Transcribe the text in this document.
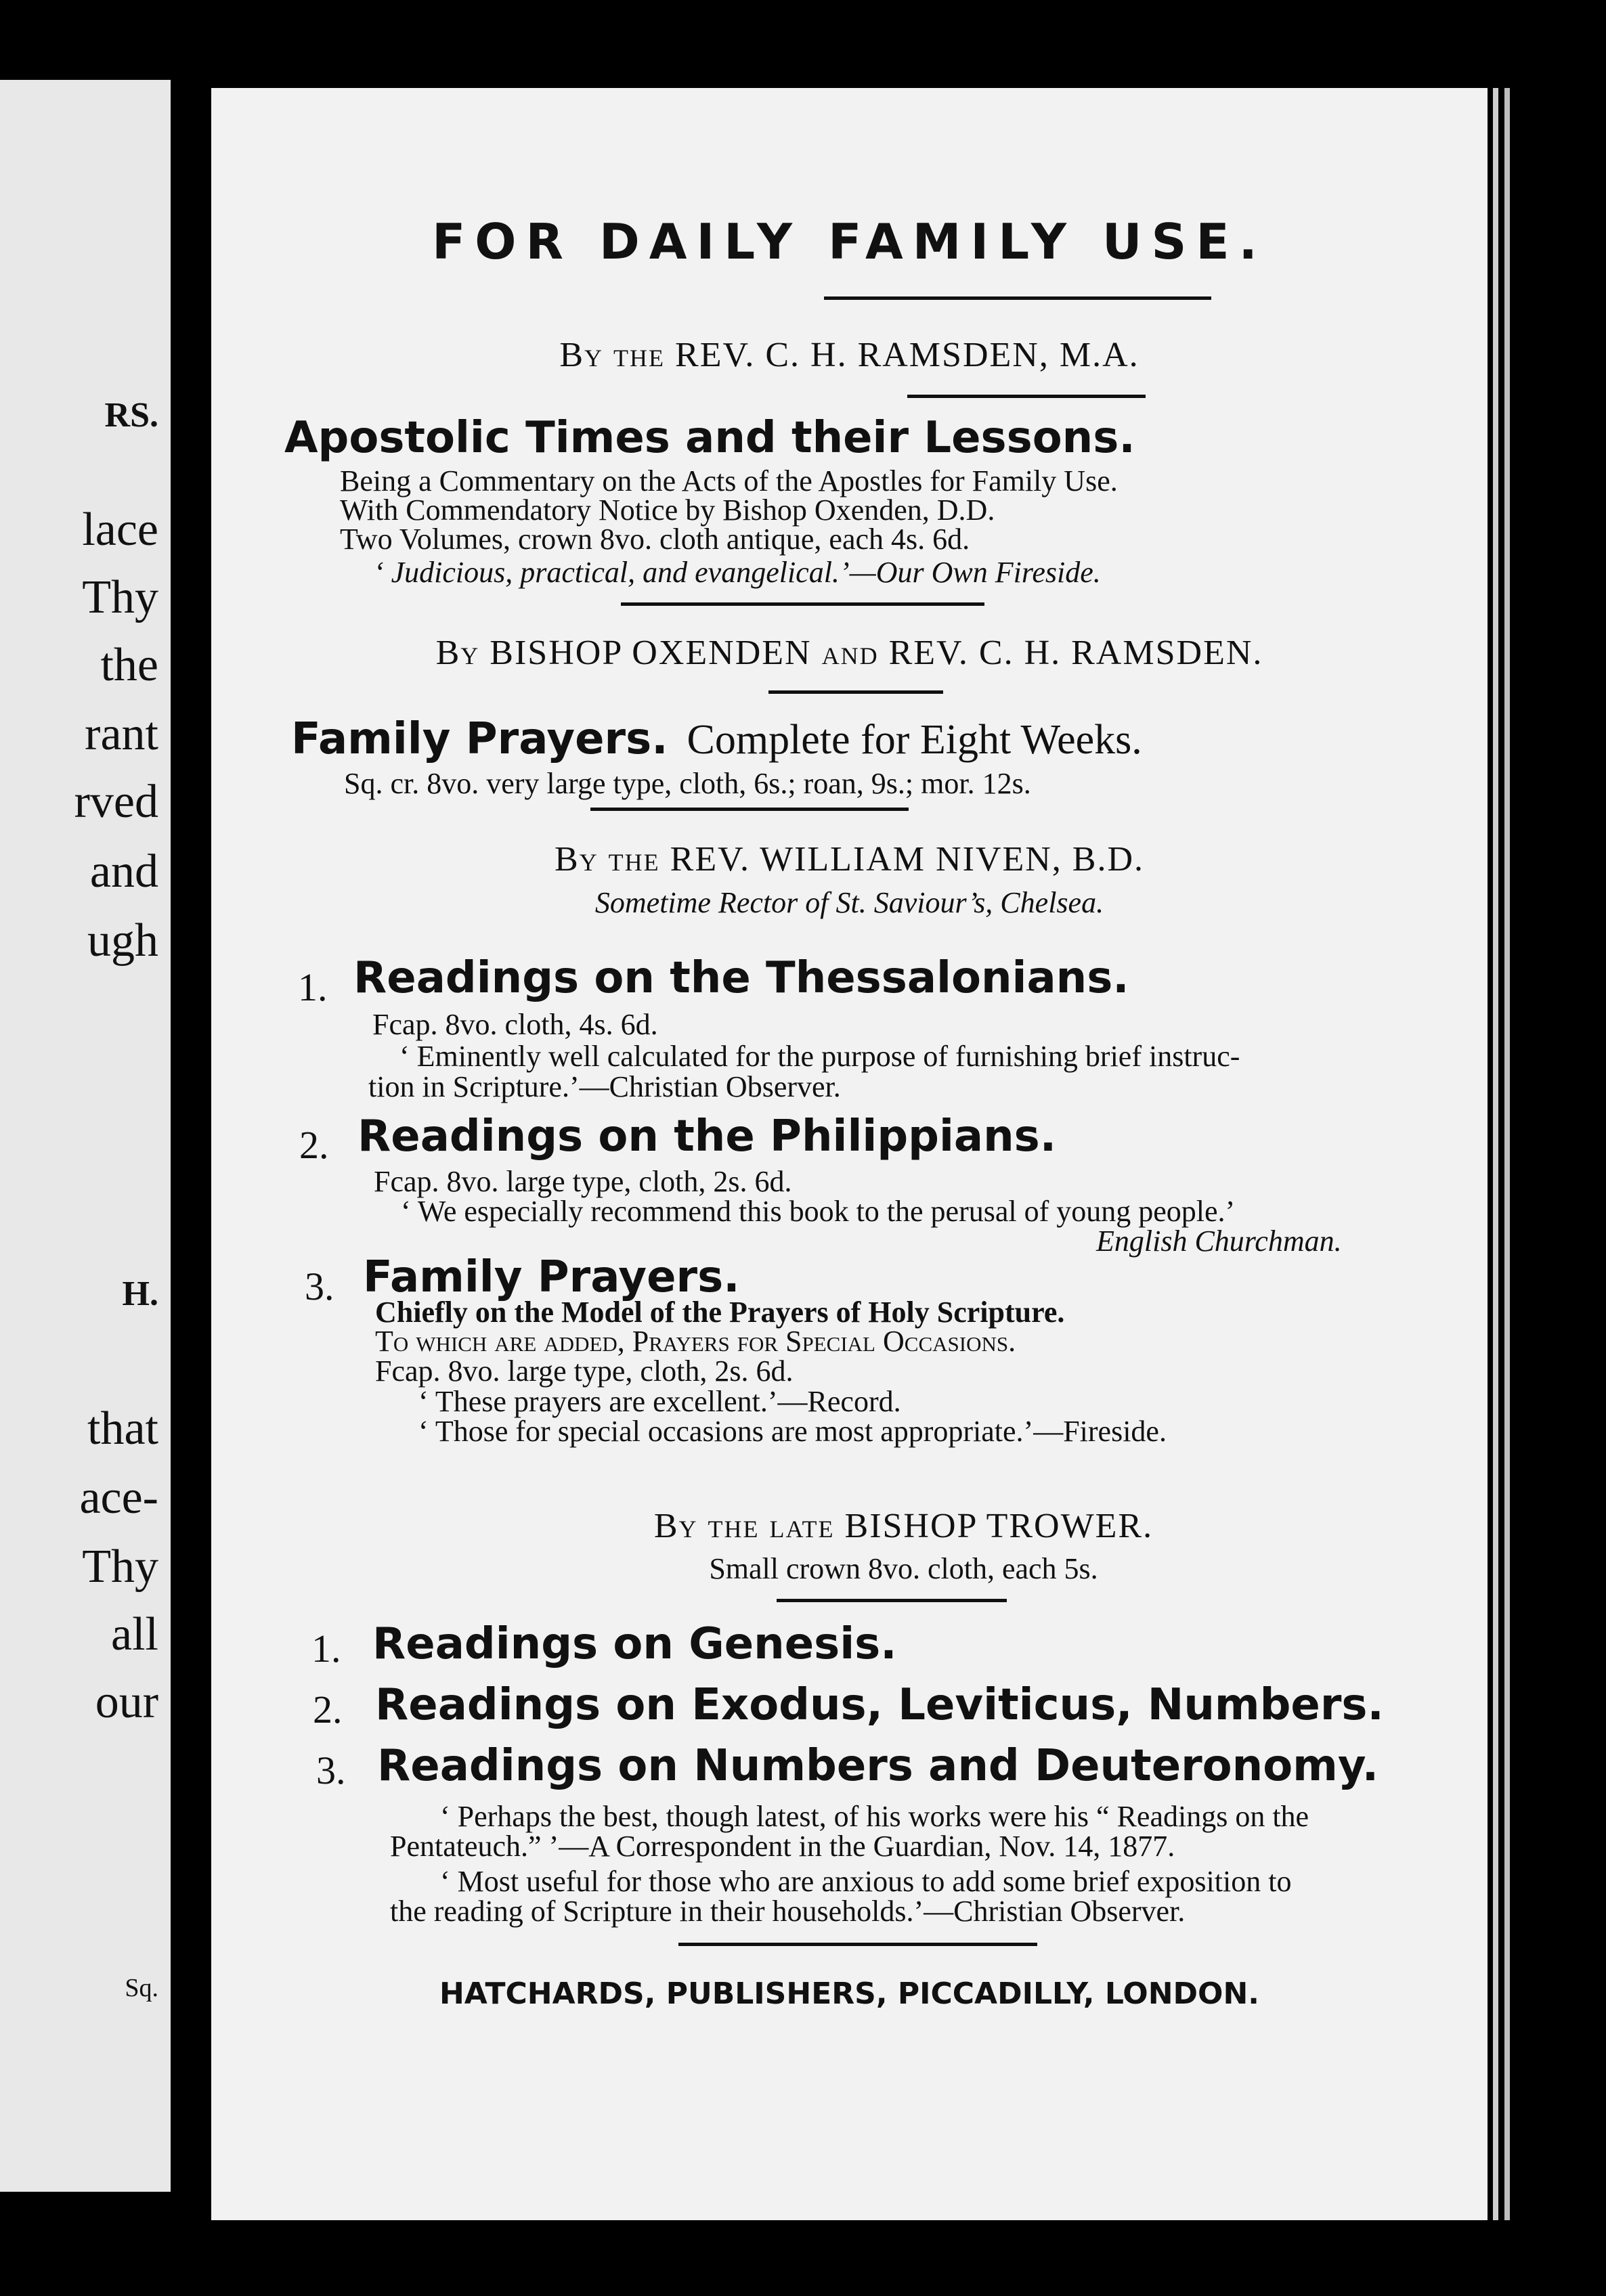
RS.
lace
Thy
the
rant
rved
and
ugh
H.
that
ace-
Thy
all
our
Sq.
FOR DAILY FAMILY USE.
By the REV. C. H. RAMSDEN, M.A.
Apostolic Times and their Lessons.
Being a Commentary on the Acts of the Apostles for Family Use.
With Commendatory Notice by Bishop Oxenden, D.D.
Two Volumes, crown 8vo. cloth antique, each 4s. 6d.
‘ Judicious, practical, and evangelical.’—Our Own Fireside.
By BISHOP OXENDEN and REV. C. H. RAMSDEN.
Family Prayers. Complete for Eight Weeks.
Sq. cr. 8vo. very large type, cloth, 6s.; roan, 9s.; mor. 12s.
By the REV. WILLIAM NIVEN, B.D.
Sometime Rector of St. Saviour’s, Chelsea.
1. Readings on the Thessalonians.
Fcap. 8vo. cloth, 4s. 6d.
‘ Eminently well calculated for the purpose of furnishing brief instruc-
tion in Scripture.’—Christian Observer.
2. Readings on the Philippians.
Fcap. 8vo. large type, cloth, 2s. 6d.
‘ We especially recommend this book to the perusal of young people.’
English Churchman.
3. Family Prayers.
Chiefly on the Model of the Prayers of Holy Scripture.
To which are added, Prayers for Special Occasions.
Fcap. 8vo. large type, cloth, 2s. 6d.
‘ These prayers are excellent.’—Record.
‘ Those for special occasions are most appropriate.’—Fireside.
By the late BISHOP TROWER.
Small crown 8vo. cloth, each 5s.
1. Readings on Genesis.
2. Readings on Exodus, Leviticus, Numbers.
3. Readings on Numbers and Deuteronomy.
‘ Perhaps the best, though latest, of his works were his “ Readings on the
Pentateuch.” ’—A Correspondent in the Guardian, Nov. 14, 1877.
‘ Most useful for those who are anxious to add some brief exposition to
the reading of Scripture in their households.’—Christian Observer.
HATCHARDS, PUBLISHERS, PICCADILLY, LONDON.
